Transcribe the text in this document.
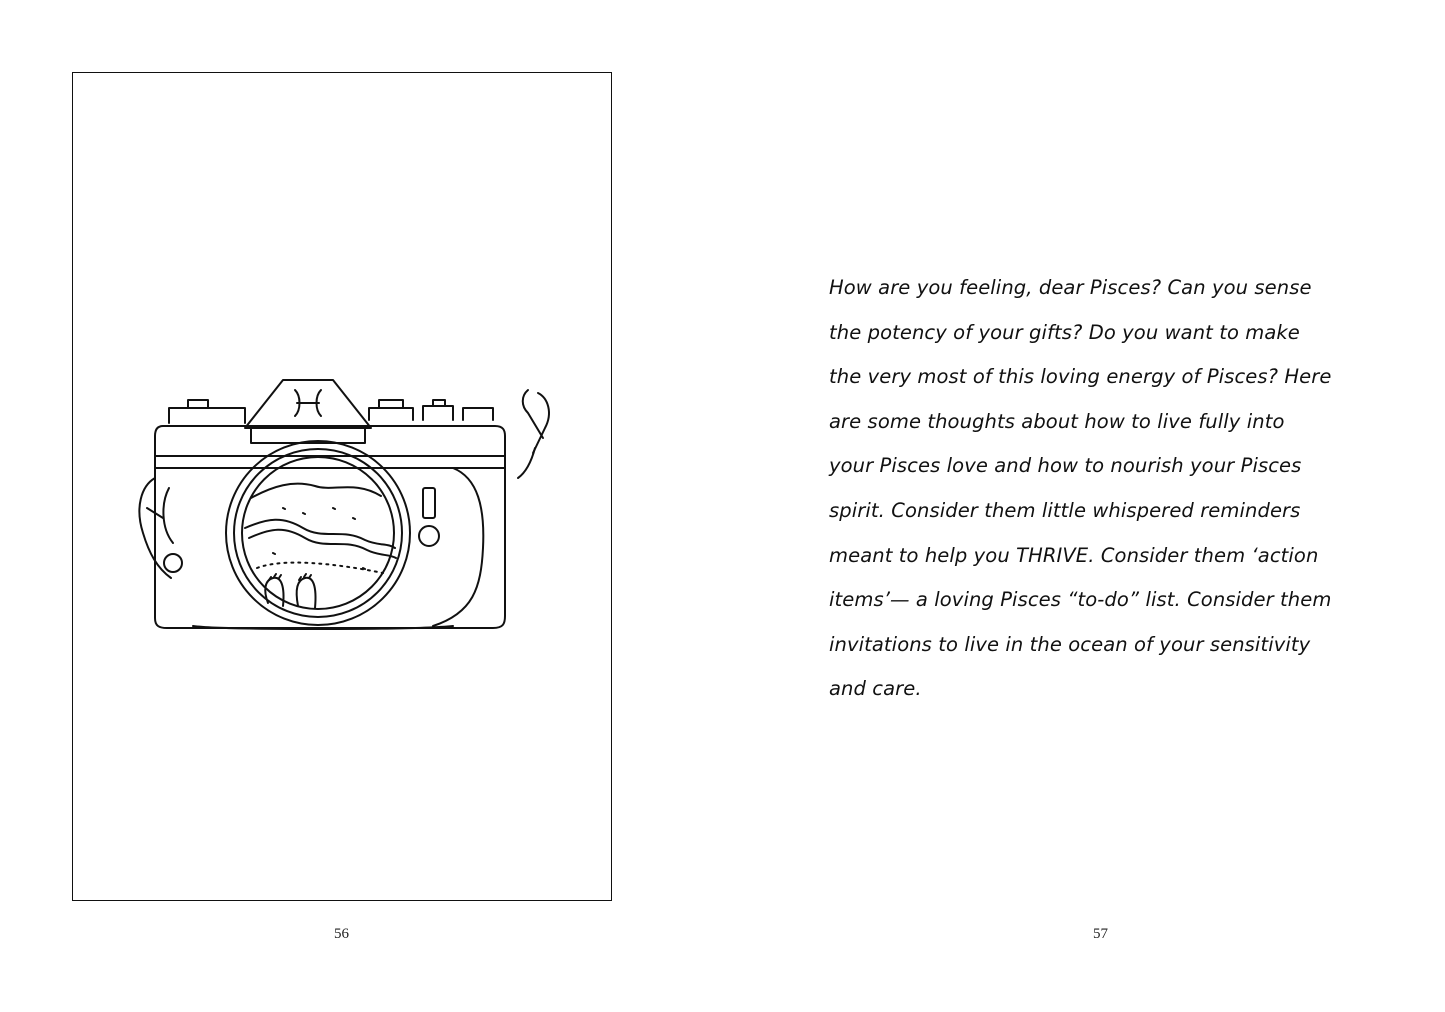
56
How are you feeling, dear Pisces? Can you sense
the potency of your gifts? Do you want to make
the very most of this loving energy of Pisces? Here
are some thoughts about how to live fully into
your Pisces love and how to nourish your Pisces
spirit. Consider them little whispered reminders
meant to help you THRIVE. Consider them ‘action
items’— a loving Pisces “to-do” list. Consider them
invitations to live in the ocean of your sensitivity
and care.
57
